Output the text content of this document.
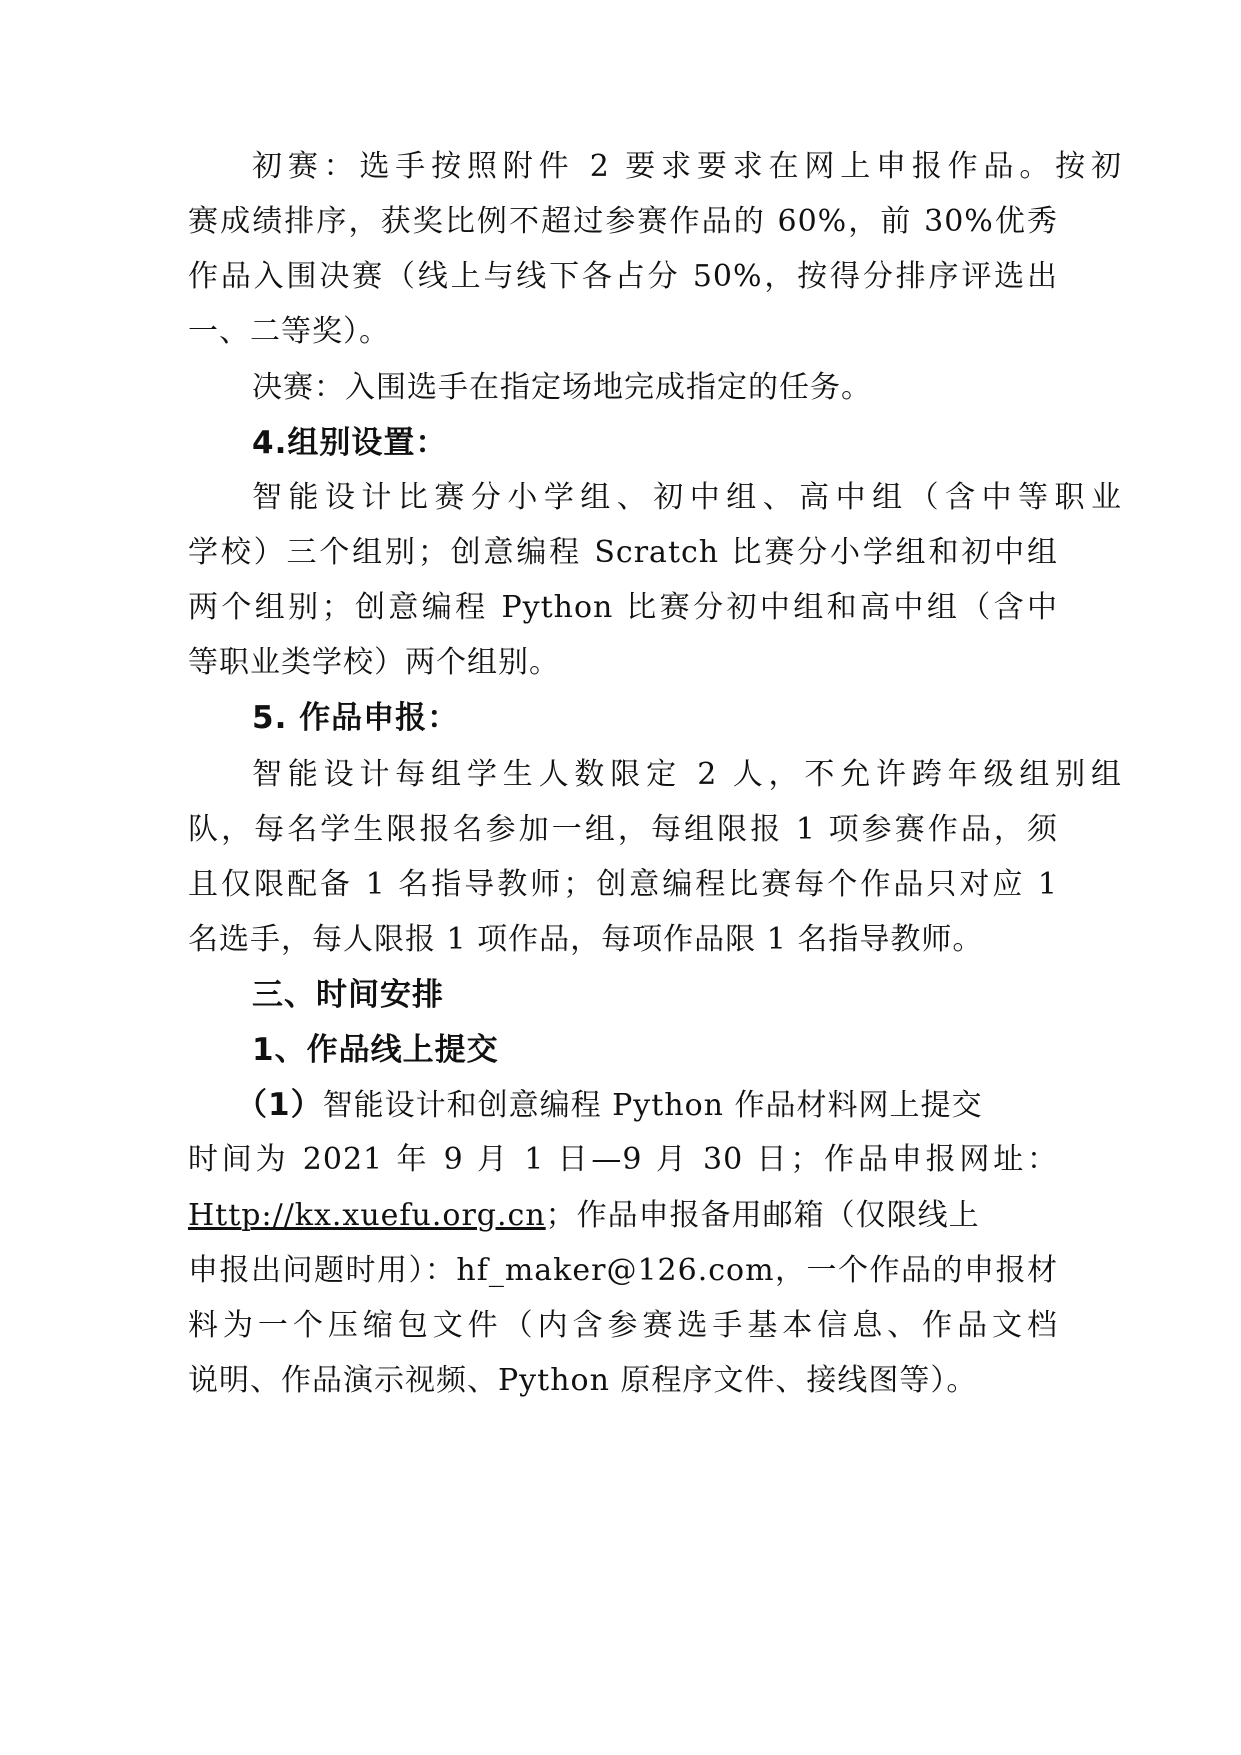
初赛：选手按照附件 2 要求要求在网上申报作品。按初
赛成绩排序，获奖比例不超过参赛作品的 60%，前 30%优秀
作品入围决赛（线上与线下各占分 50%，按得分排序评选出
一、二等奖）。
决赛：入围选手在指定场地完成指定的任务。
4.组别设置：
智能设计比赛分小学组、初中组、高中组（含中等职业
学校）三个组别；创意编程 Scratch 比赛分小学组和初中组
两个组别；创意编程 Python 比赛分初中组和高中组（含中
等职业类学校）两个组别。
5. 作品申报：
智能设计每组学生人数限定 2 人，不允许跨年级组别组
队，每名学生限报名参加一组，每组限报 1 项参赛作品，须
且仅限配备 1 名指导教师；创意编程比赛每个作品只对应 1
名选手，每人限报 1 项作品，每项作品限 1 名指导教师。
三、时间安排
1、作品线上提交
（1）智能设计和创意编程 Python 作品材料网上提交
时间为 2021 年 9 月 1 日—9 月 30 日；作品申报网址：
Http://kx.xuefu.org.cn；作品申报备用邮箱（仅限线上
申报出问题时用）：hf_maker@126.com，一个作品的申报材
料为一个压缩包文件（内含参赛选手基本信息、作品文档
说明、作品演示视频、Python 原程序文件、接线图等）。
